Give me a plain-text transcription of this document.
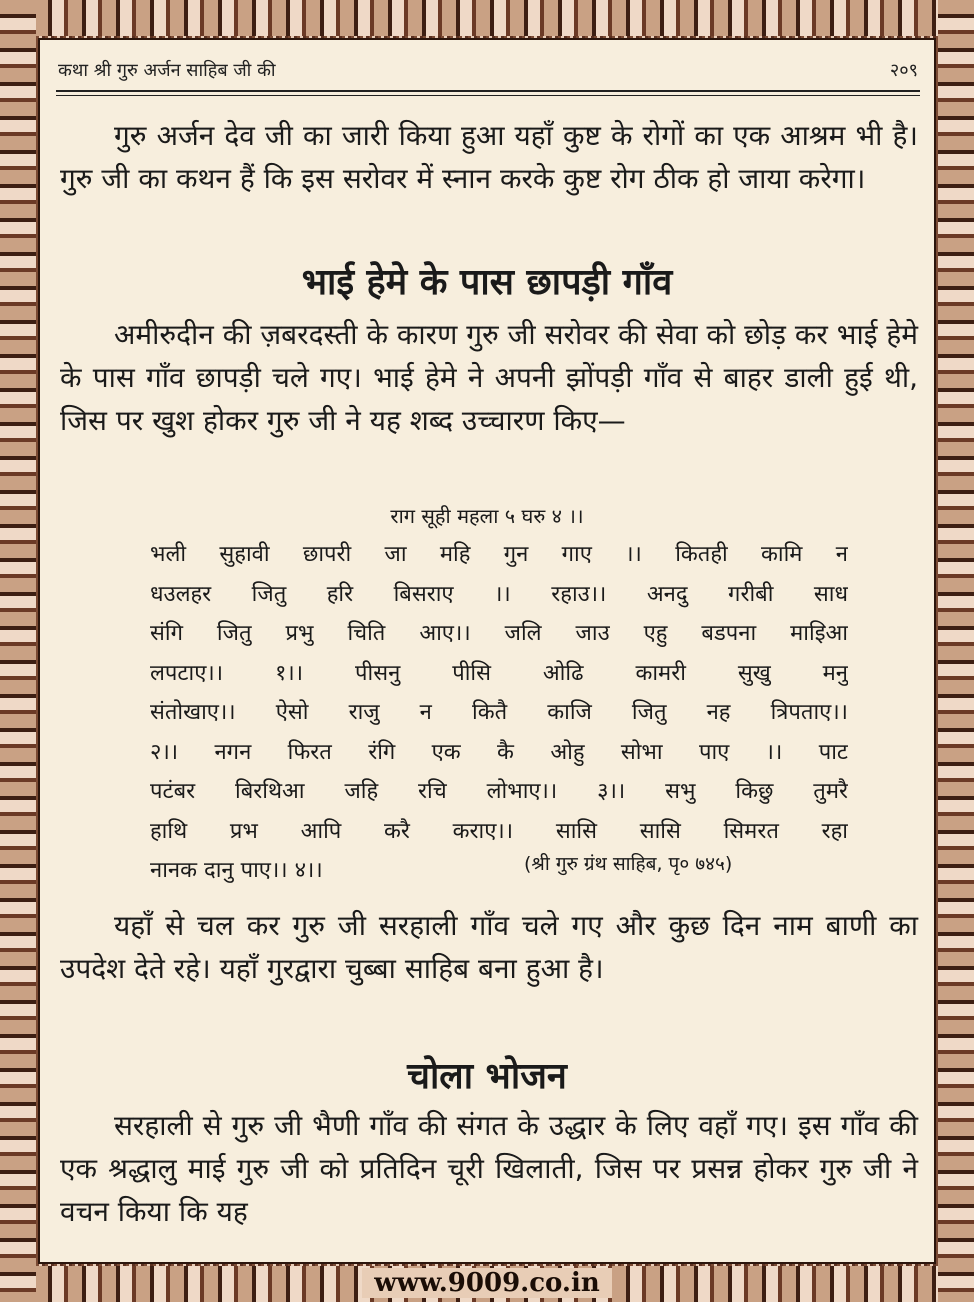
कथा श्री गुरु अर्जन साहिब जी की	२०९
गुरु अर्जन देव जी का जारी किया हुआ यहाँ कुष्ट के रोगों का एक आश्रम भी है। गुरु जी का कथन हैं कि इस सरोवर में स्नान करके कुष्ट रोग ठीक हो जाया करेगा।
भाई हेमे के पास छापड़ी गाँव
अमीरुदीन की ज़बरदस्ती के कारण गुरु जी सरोवर की सेवा को छोड़ कर भाई हेमे के पास गाँव छापड़ी चले गए। भाई हेमे ने अपनी झोंपड़ी गाँव से बाहर डाली हुई थी, जिस पर खुश होकर गुरु जी ने यह शब्द उच्चारण किए—
राग सूही महला ५ घरु ४ ।।
भली सुहावी छापरी जा महि गुन गाए ।। कितही कामि न
धउलहर जितु हरि बिसराए ।। रहाउ।। अनदु गरीबी साध
संगि जितु प्रभु चिति आए।। जलि जाउ एहु बडपना माइिआ
लपटाए।। १।। पीसनु पीसि ओढि कामरी सुखु मनु
संतोखाए।। ऐसो राजु न कितै काजि जितु नह त्रिपताए।।
२।। नगन फिरत रंगि एक कै ओहु सोभा पाए ।। पाट
पटंबर बिरथिआ जहि रचि लोभाए।। ३।। सभु किछु तुमरै
हाथि प्रभ आपि करै कराए।। सासि सासि सिमरत रहा
नानक दानु पाए।। ४।।	(श्री गुरु ग्रंथ साहिब, पृ० ७४५)
यहाँ से चल कर गुरु जी सरहाली गाँव चले गए और कुछ दिन नाम बाणी का उपदेश देते रहे। यहाँ गुरद्वारा चुब्बा साहिब बना हुआ है।
चोला भोजन
सरहाली से गुरु जी भैणी गाँव की संगत के उद्धार के लिए वहाँ गए। इस गाँव की एक श्रद्धालु माई गुरु जी को प्रतिदिन चूरी खिलाती, जिस पर प्रसन्न होकर गुरु जी ने वचन किया कि यह
www.9009.co.in
